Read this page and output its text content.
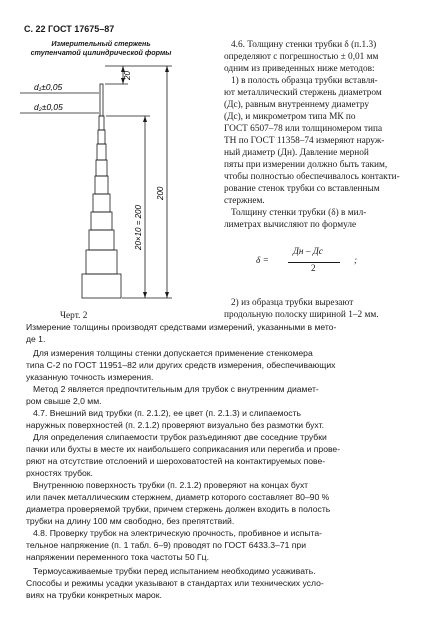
С. 22 ГОСТ 17675–87
Измерительный стержень ступенчатой цилиндрической формы
d₁±0,05
d₂±0,05
20
20×10 = 200
200
Черт. 2
4.6. Толщину стенки трубки δ (п.1.3)
определяют с погрешностью ± 0,01 мм
одним из приведенных ниже методов:
1) в полость образца трубки вставля-
ют металлический стержень диаметром
(Дс), равным внутреннему диаметру
(Дс), и микрометром типа МК по
ГОСТ 6507–78 или толщиномером типа
ТН по ГОСТ 11358–74 измеряют наруж-
ный диаметр (Дн). Давление мерной
пяты при измерении должно быть таким,
чтобы полностью обеспечивалось контакти-
рование стенок трубки со вставленным
стержнем.
Толщину стенки трубки (δ) в мил-
лиметрах вычисляют по формуле
δ =
Дн – Дс
2
;
2) из образца трубки вырезают
продольную полоску шириной 1–2 мм.
Измерение толщины производят средствами измерений, указанными в мето-
де 1.
Для измерения толщины стенки допускается применение стенкомера
типа С-2 по ГОСТ 11951–82 или других средств измерения, обеспечивающих
указанную точность измерения.
Метод 2 является предпочтительным для трубок с внутренним диамет-
ром свыше 2,0 мм.
4.7. Внешний вид трубки (п. 2.1.2), ее цвет (п. 2.1.3) и слипаемость
наружных поверхностей (п. 2.1.2) проверяют визуально без размотки бухт.
Для определения слипаемости трубок разъединяют две соседние трубки
пачки или бухты в месте их наибольшего соприкасания или перегиба и прове-
ряют на отсутствие отслоений и шероховатостей на контактируемых пове-
рхностях трубок.
Внутреннюю поверхность трубки (п. 2.1.2) проверяют на концах бухт
или пачек металлическим стержнем, диаметр которого составляет 80–90 %
диаметра проверяемой трубки, причем стержень должен входить в полость
трубки на длину 100 мм свободно, без препятствий.
4.8. Проверку трубок на электрическую прочность, пробивное и испыта-
тельное напряжение (п. 1 табл. 6–9) проводят по ГОСТ 6433.3–71 при
напряжении переменного тока частоты 50 Гц.
Термоусаживаемые трубки перед испытанием необходимо усаживать.
Способы и режимы усадки указывают в стандартах или технических усло-
виях на трубки конкретных марок.
